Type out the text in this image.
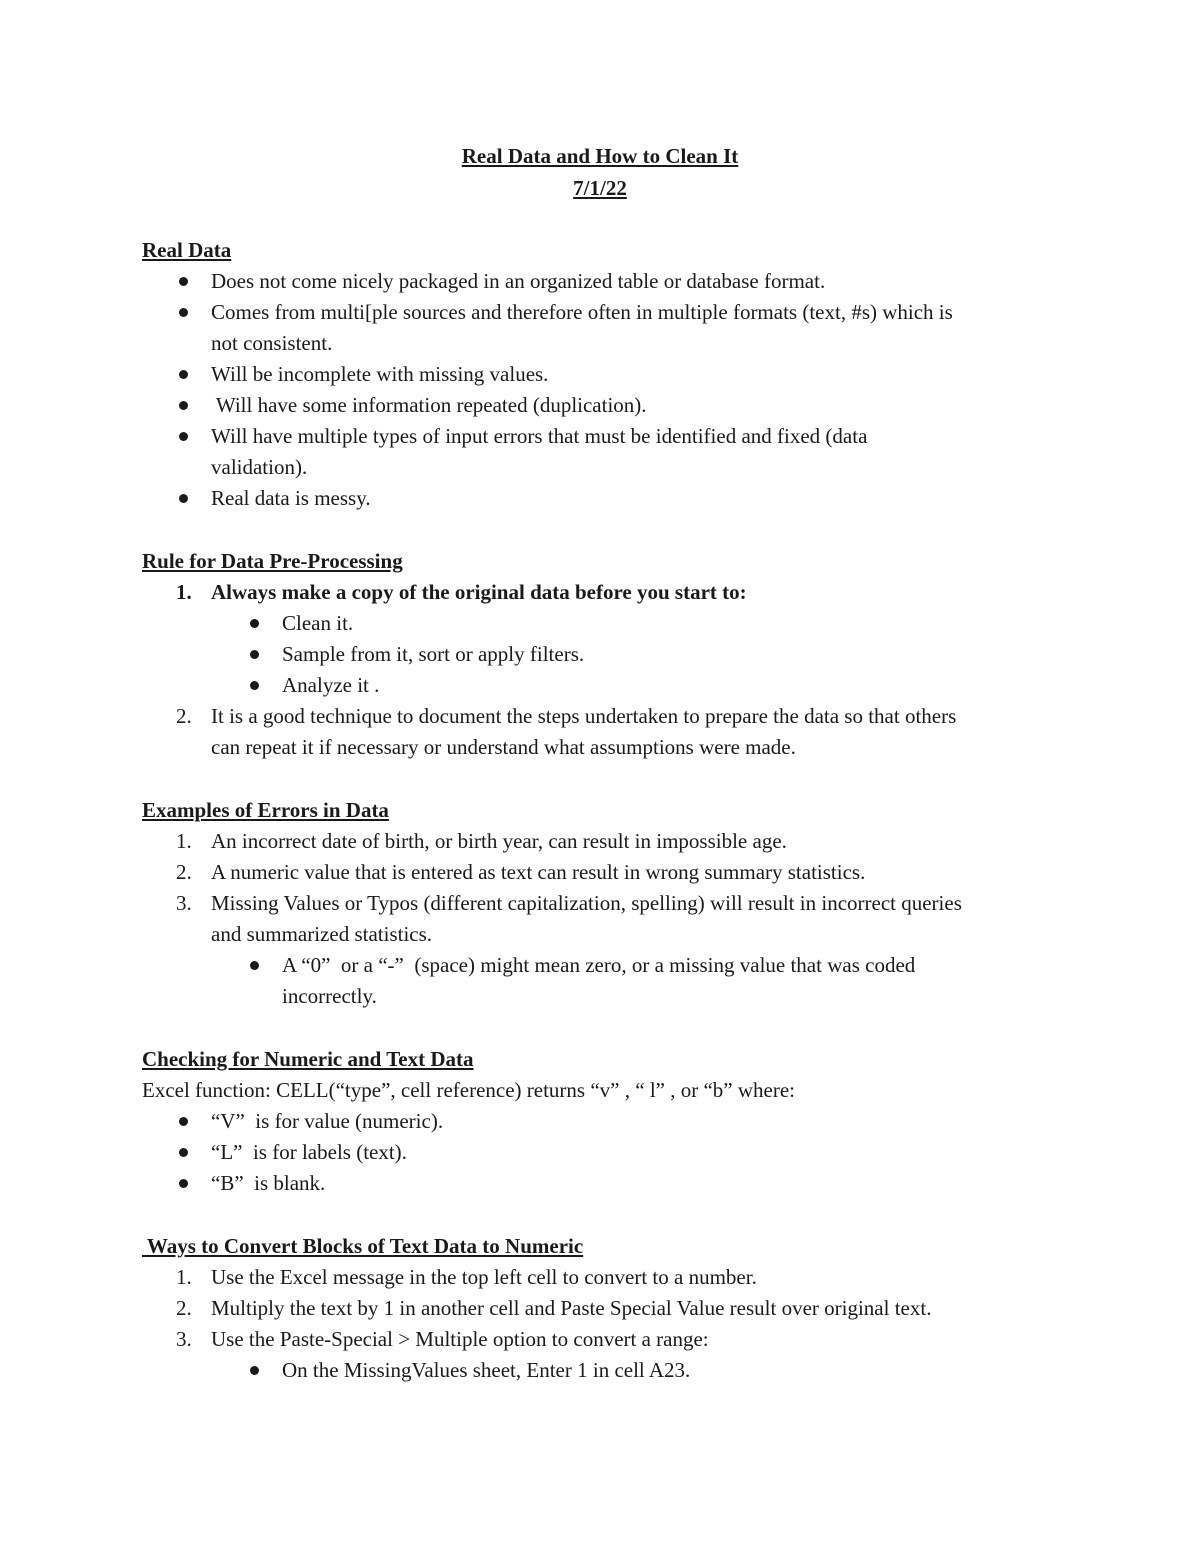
Real Data and How to Clean It
7/1/22
Real Data
Does not come nicely packaged in an organized table or database format.
Comes from multi[ple sources and therefore often in multiple formats (text, #s) which is
not consistent.
Will be incomplete with missing values.
Will have some information repeated (duplication).
Will have multiple types of input errors that must be identified and fixed (data
validation).
Real data is messy.
Rule for Data Pre-Processing
1. Always make a copy of the original data before you start to:
Clean it.
Sample from it, sort or apply filters.
Analyze it .
2. It is a good technique to document the steps undertaken to prepare the data so that others
can repeat it if necessary or understand what assumptions were made.
Examples of Errors in Data
1. An incorrect date of birth, or birth year, can result in impossible age.
2. A numeric value that is entered as text can result in wrong summary statistics.
3. Missing Values or Typos (different capitalization, spelling) will result in incorrect queries
and summarized statistics.
A “0”  or a “-”  (space) might mean zero, or a missing value that was coded
incorrectly.
Checking for Numeric and Text Data
Excel function: CELL(“type”, cell reference) returns “v” , “ l” , or “b” where:
“V”  is for value (numeric).
“L”  is for labels (text).
“B”  is blank.
Ways to Convert Blocks of Text Data to Numeric
1. Use the Excel message in the top left cell to convert to a number.
2. Multiply the text by 1 in another cell and Paste Special Value result over original text.
3. Use the Paste-Special > Multiple option to convert a range:
On the MissingValues sheet, Enter 1 in cell A23.
